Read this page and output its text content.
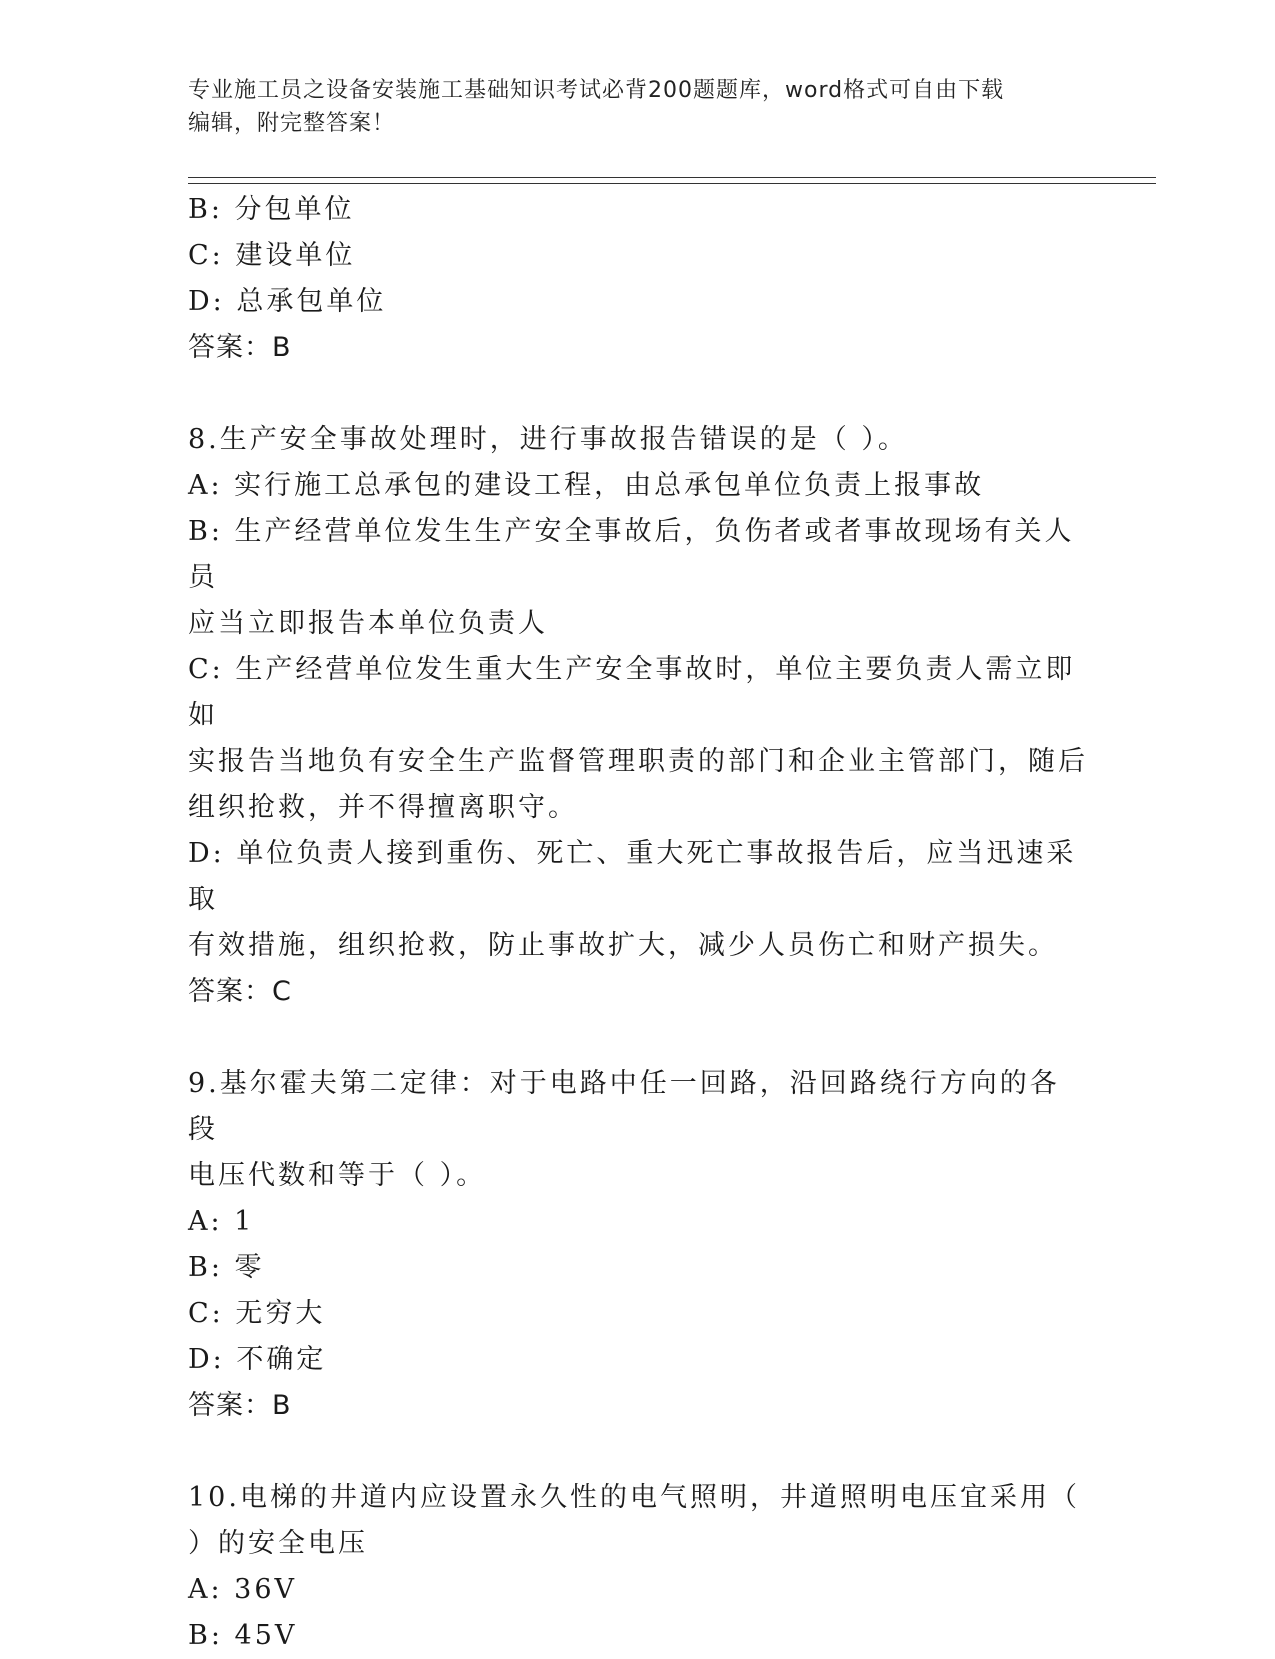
专业施工员之设备安装施工基础知识考试必背200题题库，word格式可自由下载
编辑，附完整答案！

B: 分包单位

C: 建设单位

D: 总承包单位

答案：B

8.生产安全事故处理时，进行事故报告错误的是（ ）。

A: 实行施工总承包的建设工程，由总承包单位负责上报事故

B: 生产经营单位发生生产安全事故后，负伤者或者事故现场有关人员

应当立即报告本单位负责人

C: 生产经营单位发生重大生产安全事故时，单位主要负责人需立即如

实报告当地负有安全生产监督管理职责的部门和企业主管部门，随后

组织抢救，并不得擅离职守。

D: 单位负责人接到重伤、死亡、重大死亡事故报告后，应当迅速采取

有效措施，组织抢救，防止事故扩大，减少人员伤亡和财产损失。

答案：C

9.基尔霍夫第二定律：对于电路中任一回路，沿回路绕行方向的各段

电压代数和等于（ ）。

A: 1

B: 零

C: 无穷大

D: 不确定

答案：B

10.电梯的井道内应设置永久性的电气照明，井道照明电压宜采用（

）的安全电压

A: 36V

B: 45V
